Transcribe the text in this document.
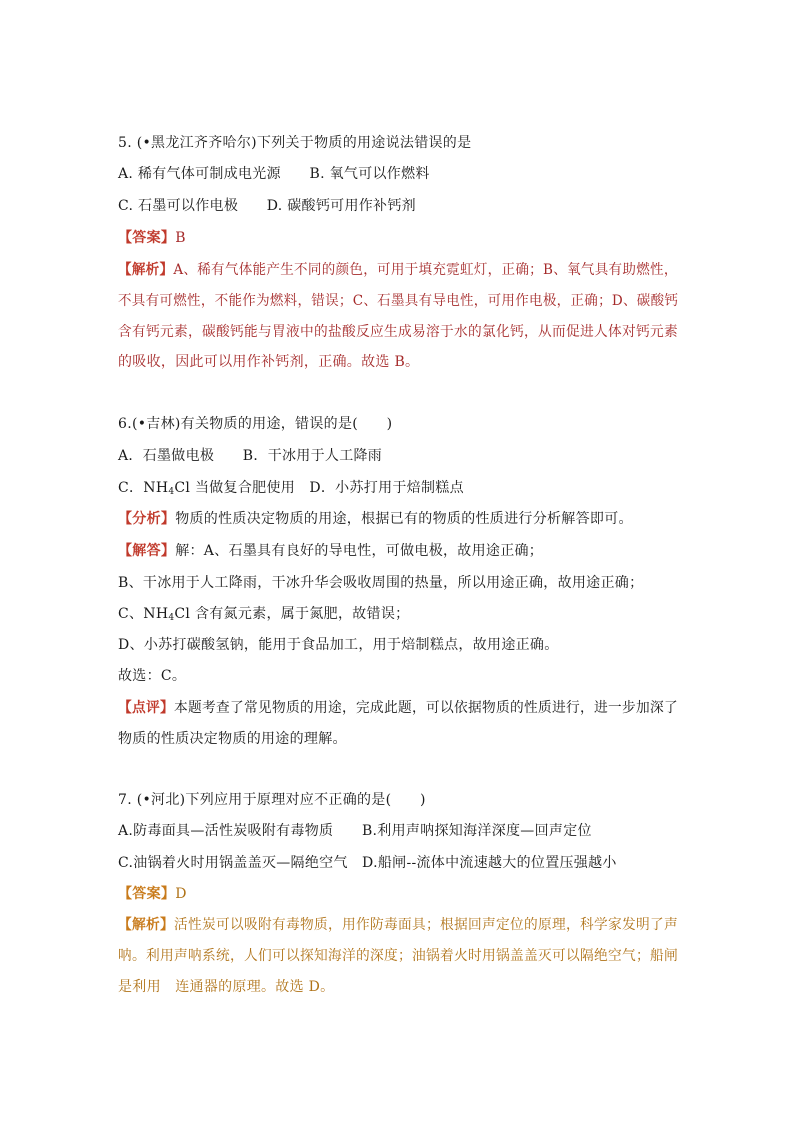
5. (•黑龙江齐齐哈尔)下列关于物质的用途说法错误的是
A. 稀有气体可制成电光源　　B. 氧气可以作燃料
C. 石墨可以作电极　　D. 碳酸钙可用作补钙剂
【答案】B
【解析】A、稀有气体能产生不同的颜色，可用于填充霓虹灯，正确；B、氧气具有助燃性，
不具有可燃性，不能作为燃料，错误；C、石墨具有导电性，可用作电极，正确；D、碳酸钙
含有钙元素，碳酸钙能与胃液中的盐酸反应生成易溶于水的氯化钙，从而促进人体对钙元素
的吸收，因此可以用作补钙剂，正确。故选 B。
6.(•吉林)有关物质的用途，错误的是(　　)
A．石墨做电极　　B．干冰用于人工降雨
C．$NH_4Cl$ 当做复合肥使用　D．小苏打用于焙制糕点
【分析】物质的性质决定物质的用途，根据已有的物质的性质进行分析解答即可。
【解答】解：A、石墨具有良好的导电性，可做电极，故用途正确；
B、干冰用于人工降雨，干冰升华会吸收周围的热量，所以用途正确，故用途正确；
C、$NH_4Cl$ 含有氮元素，属于氮肥，故错误；
D、小苏打碳酸氢钠，能用于食品加工，用于焙制糕点，故用途正确。
故选：C。
【点评】本题考查了常见物质的用途，完成此题，可以依据物质的性质进行，进一步加深了
物质的性质决定物质的用途的理解。
7. (•河北)下列应用于原理对应不正确的是(　　)
A.防毒面具—活性炭吸附有毒物质　　B.利用声呐探知海洋深度—回声定位
C.油锅着火时用锅盖盖灭—隔绝空气　D.船闸--流体中流速越大的位置压强越小
【答案】D
【解析】活性炭可以吸附有毒物质，用作防毒面具；根据回声定位的原理，科学家发明了声
呐。利用声呐系统，人们可以探知海洋的深度；油锅着火时用锅盖盖灭可以隔绝空气；船闸
是利用　连通器的原理。故选 D。
